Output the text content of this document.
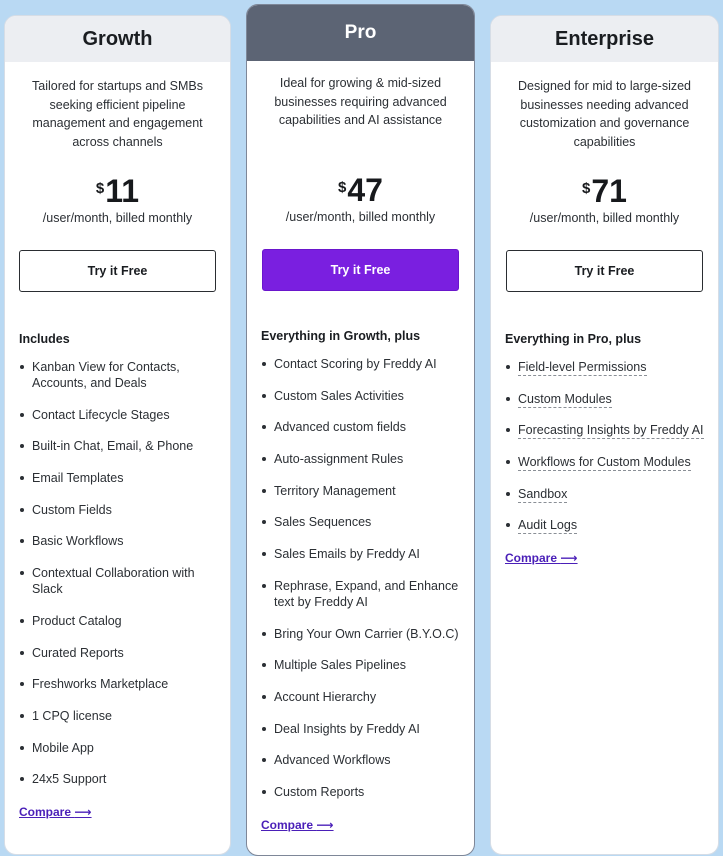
Growth
Tailored for startups and SMBs seeking efficient pipeline management and engagement across channels
$11
/user/month, billed monthly
Try it Free
Includes
Kanban View for Contacts, Accounts, and Deals
Contact Lifecycle Stages
Built-in Chat, Email, & Phone
Email Templates
Custom Fields
Basic Workflows
Contextual Collaboration with Slack
Product Catalog
Curated Reports
Freshworks Marketplace
1 CPQ license
Mobile App
24x5 Support
Compare ⟶
Pro
Ideal for growing & mid-sized businesses requiring advanced capabilities and AI assistance
$47
/user/month, billed monthly
Try it Free
Everything in Growth, plus
Contact Scoring by Freddy AI
Custom Sales Activities
Advanced custom fields
Auto-assignment Rules
Territory Management
Sales Sequences
Sales Emails by Freddy AI
Rephrase, Expand, and Enhance text by Freddy AI
Bring Your Own Carrier (B.Y.O.C)
Multiple Sales Pipelines
Account Hierarchy
Deal Insights by Freddy AI
Advanced Workflows
Custom Reports
Compare ⟶
Enterprise
Designed for mid to large-sized businesses needing advanced customization and governance capabilities
$71
/user/month, billed monthly
Try it Free
Everything in Pro, plus
Field-level Permissions
Custom Modules
Forecasting Insights by Freddy AI
Workflows for Custom Modules
Sandbox
Audit Logs
Compare ⟶
